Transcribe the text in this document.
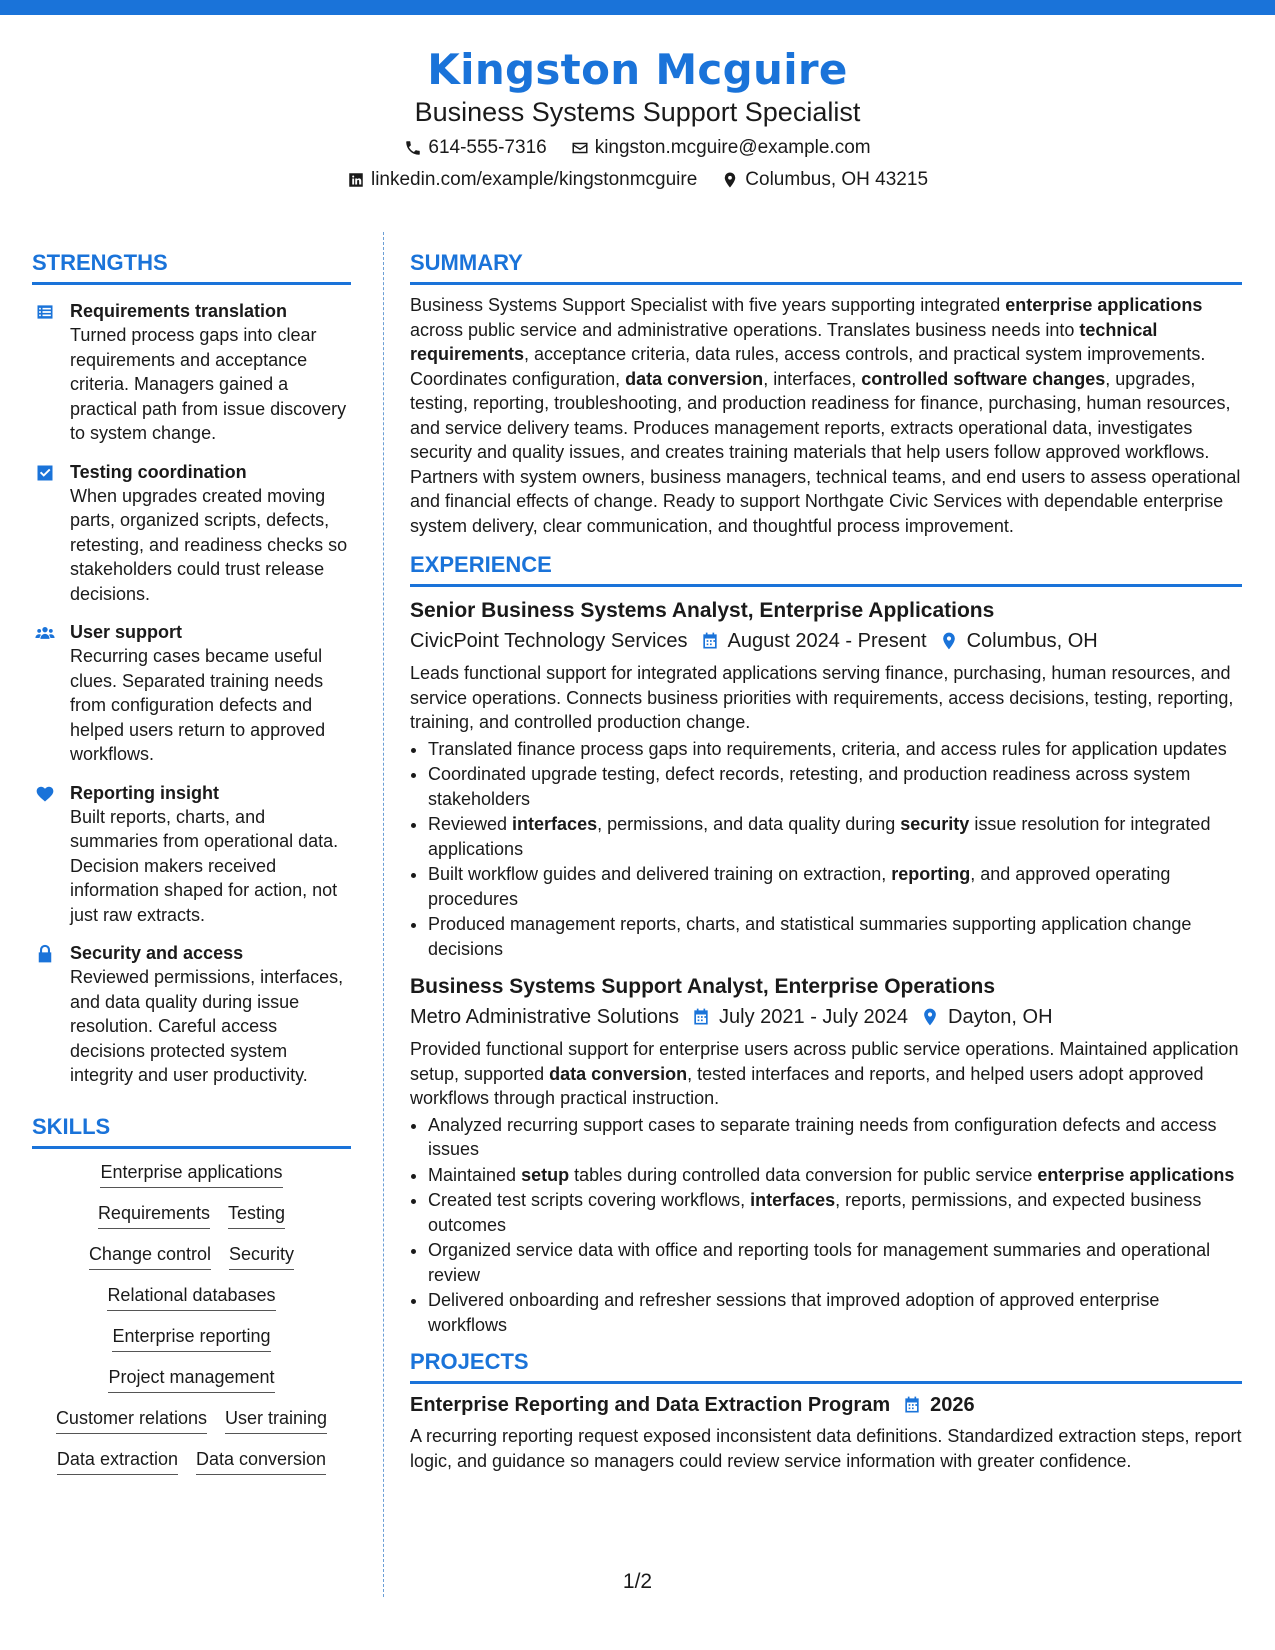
Kingston Mcguire
Business Systems Support Specialist
614-555-7316	kingston.mcguire@example.com
linkedin.com/example/kingstonmcguire	Columbus, OH 43215
STRENGTHS
Requirements translation
Turned process gaps into clear requirements and acceptance criteria. Managers gained a practical path from issue discovery to system change.
Testing coordination
When upgrades created moving parts, organized scripts, defects, retesting, and readiness checks so stakeholders could trust release decisions.
User support
Recurring cases became useful clues. Separated training needs from configuration defects and helped users return to approved workflows.
Reporting insight
Built reports, charts, and summaries from operational data. Decision makers received information shaped for action, not just raw extracts.
Security and access
Reviewed permissions, interfaces, and data quality during issue resolution. Careful access decisions protected system integrity and user productivity.
SKILLS
Enterprise applications
Requirements Testing
Change control Security
Relational databases
Enterprise reporting
Project management
Customer relations User training
Data extraction Data conversion
SUMMARY
Business Systems Support Specialist with five years supporting integrated enterprise applications across public service and administrative operations. Translates business needs into technical requirements, acceptance criteria, data rules, access controls, and practical system improvements. Coordinates configuration, data conversion, interfaces, controlled software changes, upgrades, testing, reporting, troubleshooting, and production readiness for finance, purchasing, human resources, and service delivery teams. Produces management reports, extracts operational data, investigates security and quality issues, and creates training materials that help users follow approved workflows. Partners with system owners, business managers, technical teams, and end users to assess operational and financial effects of change. Ready to support Northgate Civic Services with dependable enterprise system delivery, clear communication, and thoughtful process improvement.
EXPERIENCE
Senior Business Systems Analyst, Enterprise Applications
CivicPoint Technology Services August 2024 - Present Columbus, OH
Leads functional support for integrated applications serving finance, purchasing, human resources, and service operations. Connects business priorities with requirements, access decisions, testing, reporting, training, and controlled production change.
• Translated finance process gaps into requirements, criteria, and access rules for application updates
• Coordinated upgrade testing, defect records, retesting, and production readiness across system stakeholders
• Reviewed interfaces, permissions, and data quality during security issue resolution for integrated applications
• Built workflow guides and delivered training on extraction, reporting, and approved operating procedures
• Produced management reports, charts, and statistical summaries supporting application change decisions
Business Systems Support Analyst, Enterprise Operations
Metro Administrative Solutions July 2021 - July 2024 Dayton, OH
Provided functional support for enterprise users across public service operations. Maintained application setup, supported data conversion, tested interfaces and reports, and helped users adopt approved workflows through practical instruction.
• Analyzed recurring support cases to separate training needs from configuration defects and access issues
• Maintained setup tables during controlled data conversion for public service enterprise applications
• Created test scripts covering workflows, interfaces, reports, permissions, and expected business outcomes
• Organized service data with office and reporting tools for management summaries and operational review
• Delivered onboarding and refresher sessions that improved adoption of approved enterprise workflows
PROJECTS
Enterprise Reporting and Data Extraction Program 2026
A recurring reporting request exposed inconsistent data definitions. Standardized extraction steps, report logic, and guidance so managers could review service information with greater confidence.
1/2
